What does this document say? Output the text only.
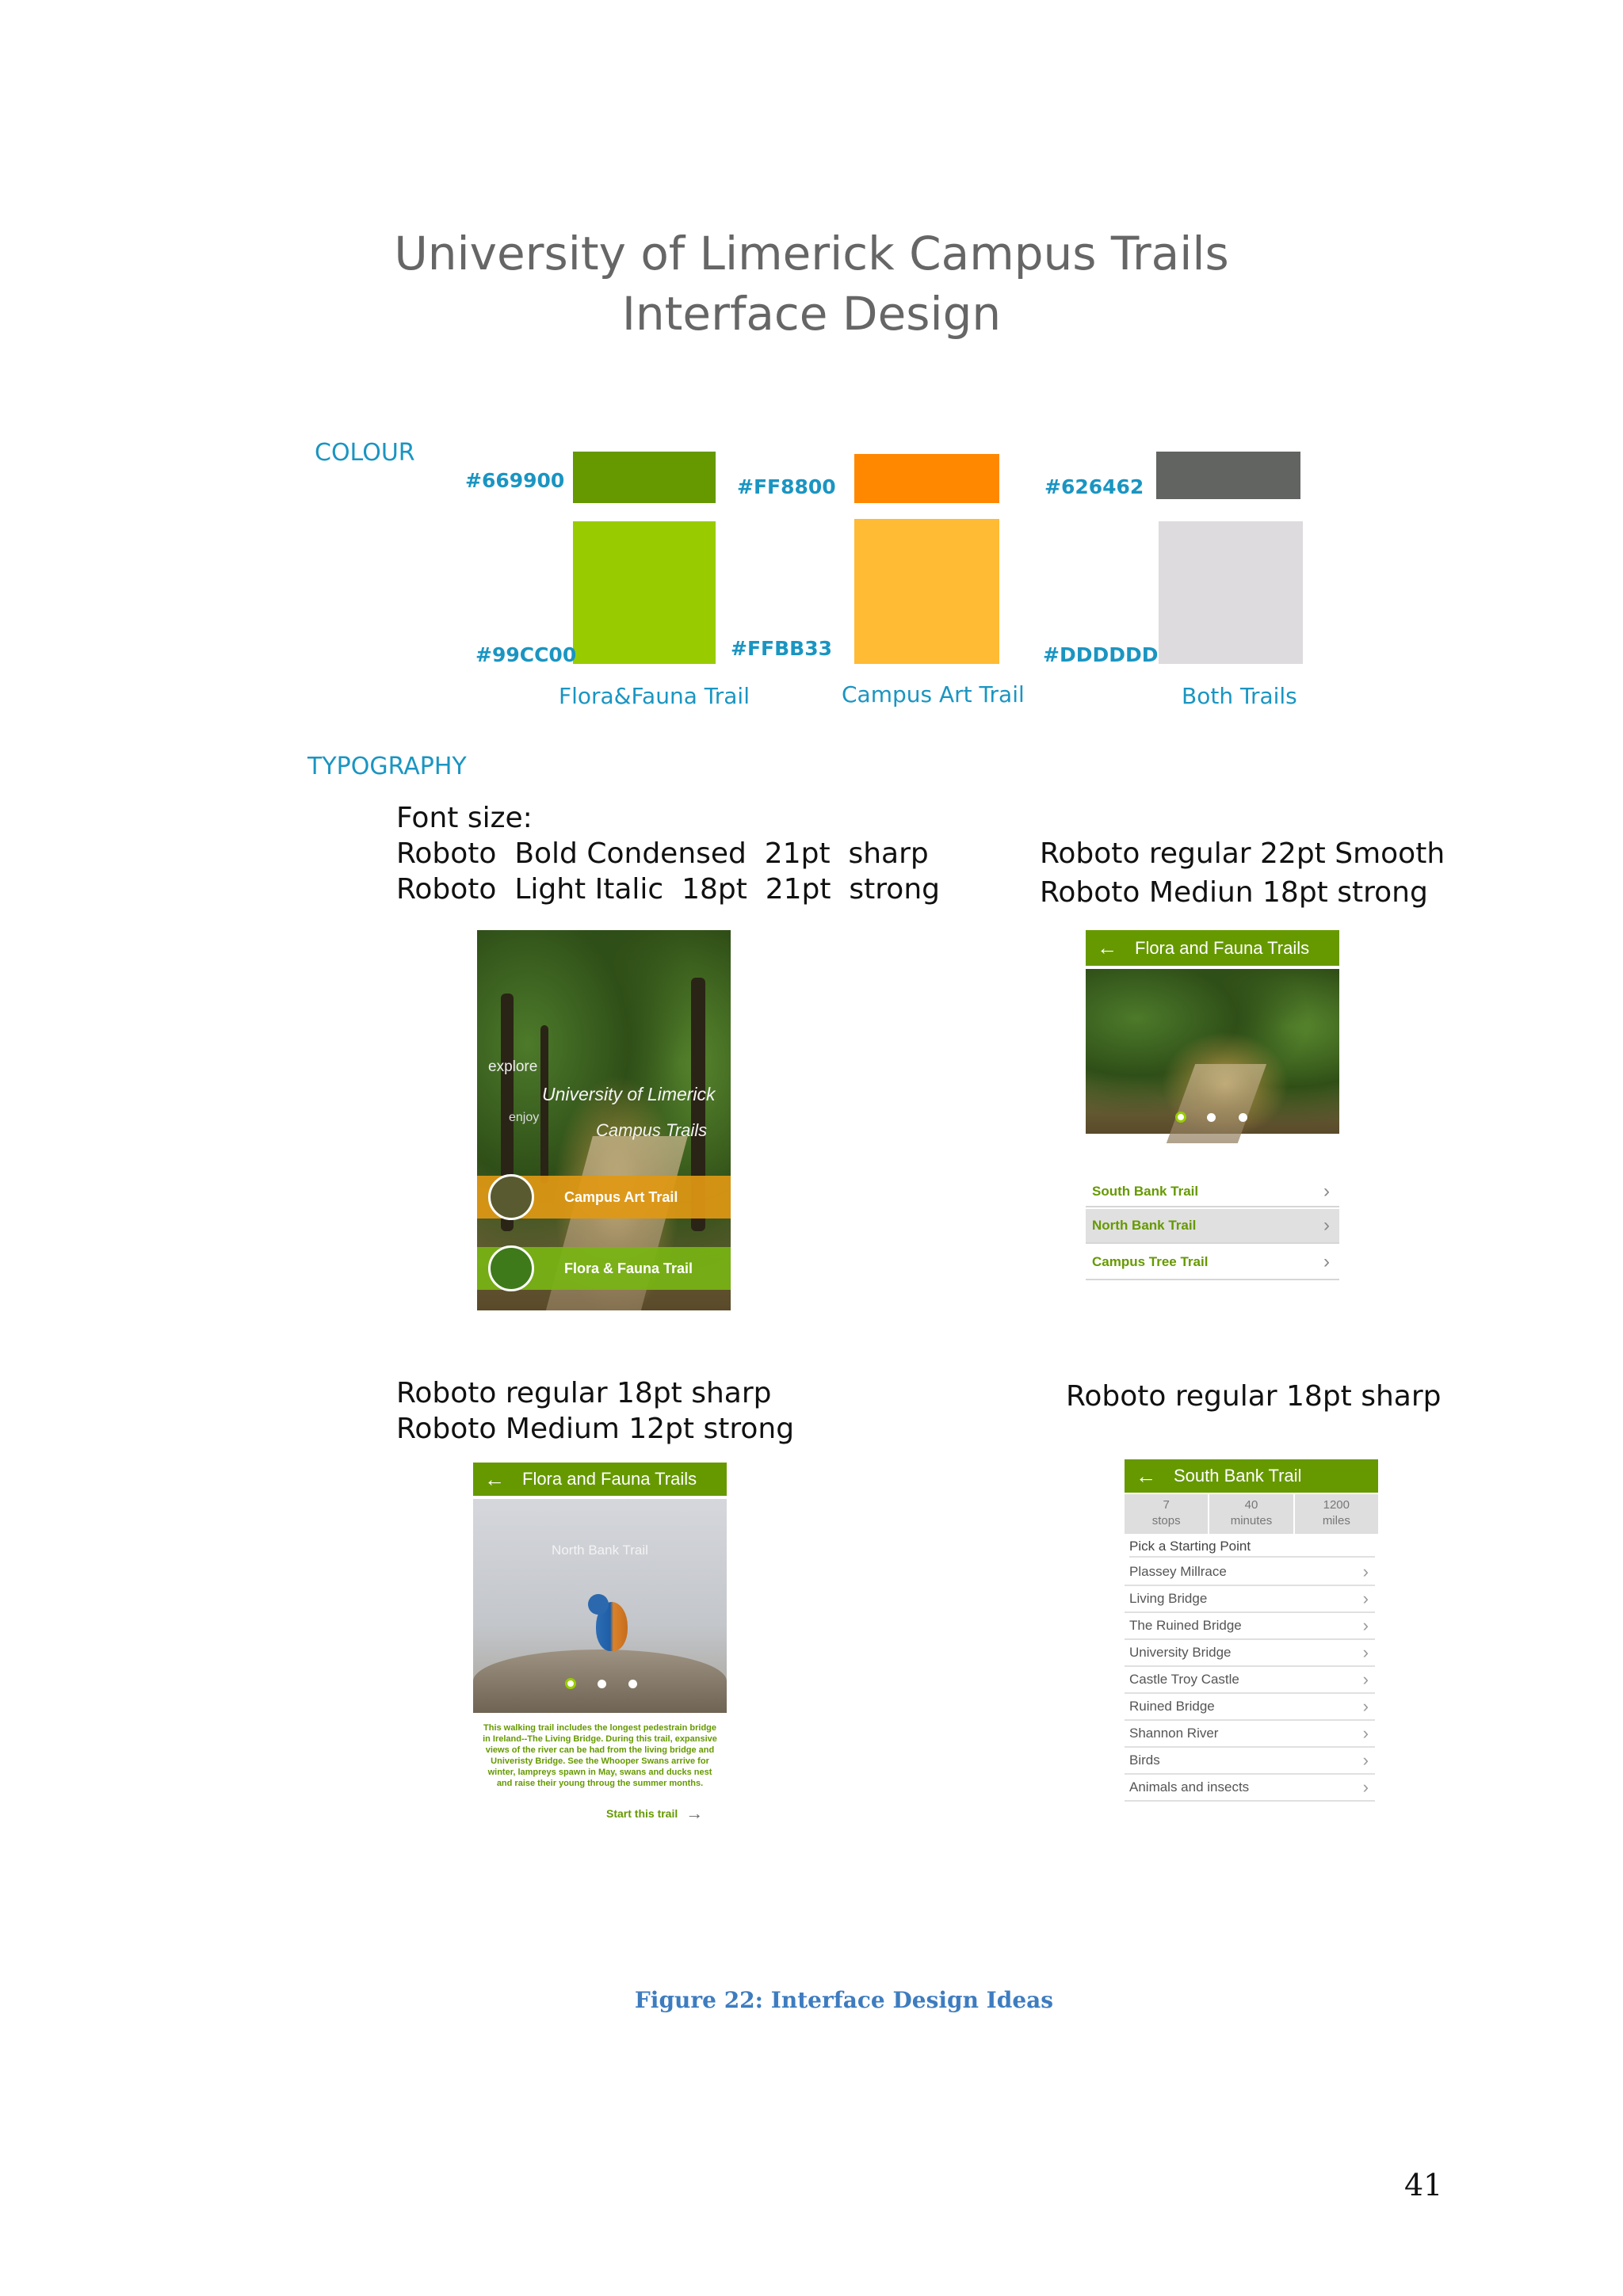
University of Limerick Campus Trails
Interface Design
COLOUR
#669900
#99CC00
Flora&Fauna Trail
#FF8800
#FFBB33
Campus Art Trail
#626462
#DDDDDD
Both Trails
TYPOGRAPHY
Font size:
Roboto  Bold Condensed  21pt  sharp
Roboto  Light Italic  18pt  21pt  strong
Roboto regular 22pt Smooth
Roboto Mediun 18pt strong
Roboto regular 18pt sharp
Roboto Medium 12pt strong
Roboto regular 18pt sharp
explore
University of Limerick
enjoy
Campus Trails
Campus Art Trail
Flora & Fauna Trail
← Flora and Fauna Trails
South Bank Trail	›
North Bank Trail	›
Campus Tree Trail	›
← Flora and Fauna Trails
North Bank Trail
This walking trail includes the longest pedestrain bridge in Ireland--The Living Bridge. During this trail, expansive views of the river can be had from the living bridge and Univeristy Bridge. See the Whooper Swans arrive for winter, lampreys spawn in May, swans and ducks nest and raise their young throug the summer months.
Start this trail →
← South Bank Trail
7
stops
40
minutes
1200
miles
Pick a Starting Point
Plassey Millrace	›
Living Bridge	›
The Ruined Bridge	›
University Bridge	›
Castle Troy Castle	›
Ruined Bridge	›
Shannon River	›
Birds	›
Animals and insects	›
Figure 22: Interface Design Ideas
41
